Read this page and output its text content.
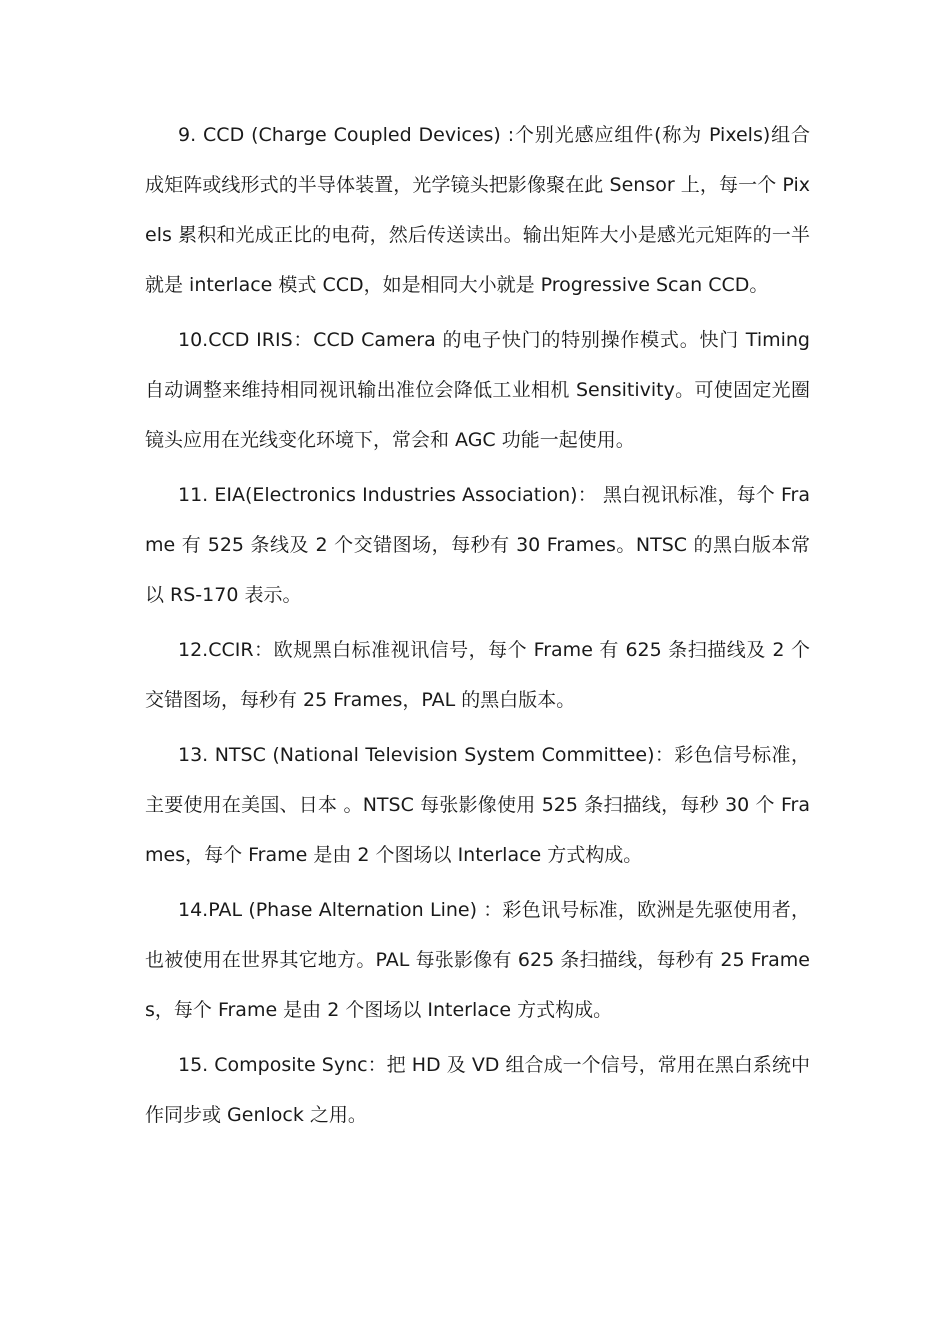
9. CCD (Charge Coupled Devices) :个别光感应组件(称为 Pixels)组合成矩阵或线形式的半导体装置，光学镜头把影像聚在此 Sensor 上，每一个 Pixels 累积和光成正比的电荷，然后传送读出。输出矩阵大小是感光元矩阵的一半就是 interlace 模式 CCD，如是相同大小就是 Progressive Scan CCD。

10.CCD IRIS：CCD Camera 的电子快门的特别操作模式。快门 Timing 自动调整来维持相同视讯输出准位会降低工业相机 Sensitivity。可使固定光圈镜头应用在光线变化环境下，常会和 AGC 功能一起使用。

11. EIA(Electronics Industries Association)： 黑白视讯标准，每个 Frame 有 525 条线及 2 个交错图场，每秒有 30 Frames。NTSC 的黑白版本常以 RS-170 表示。

12.CCIR：欧规黑白标准视讯信号，每个 Frame 有 625 条扫描线及 2 个交错图场，每秒有 25 Frames，PAL 的黑白版本。

13. NTSC (National Television System Committee)：彩色信号标准，主要使用在美国、日本 。NTSC 每张影像使用 525 条扫描线，每秒 30 个 Frames，每个 Frame 是由 2 个图场以 Interlace 方式构成。

14.PAL (Phase Alternation Line) ：彩色讯号标准，欧洲是先驱使用者，也被使用在世界其它地方。PAL 每张影像有 625 条扫描线，每秒有 25 Frames，每个 Frame 是由 2 个图场以 Interlace 方式构成。

15. Composite Sync：把 HD 及 VD 组合成一个信号，常用在黑白系统中作同步或 Genlock 之用。
